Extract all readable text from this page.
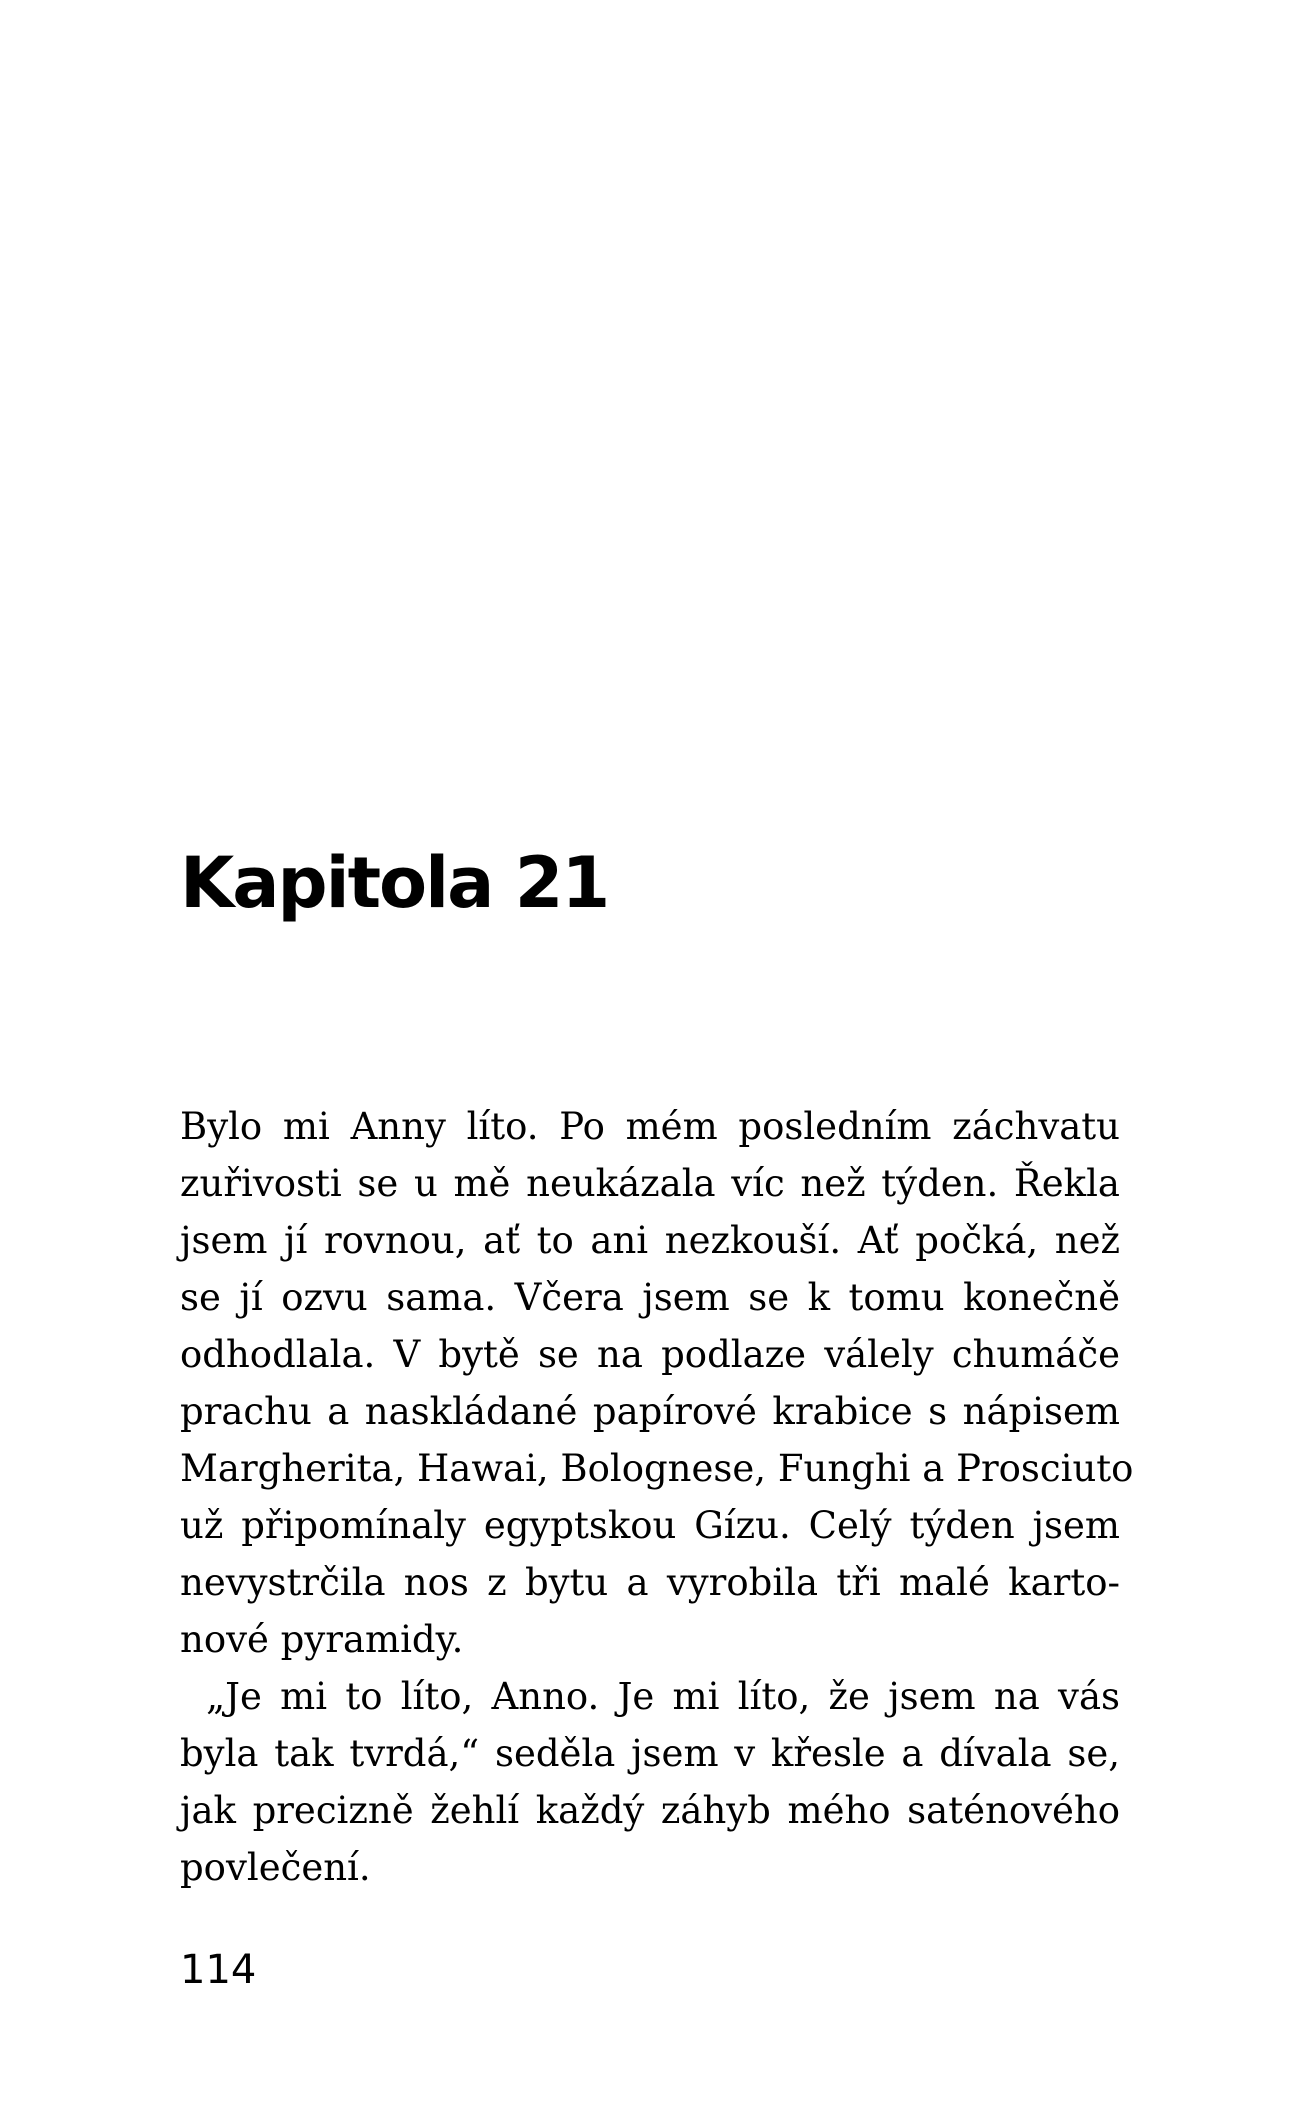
Kapitola 21
Bylo mi Anny líto. Po mém posledním záchvatu
zuřivosti se u mě neukázala víc než týden. Řekla
jsem jí rovnou, ať to ani nezkouší. Ať počká, než
se jí ozvu sama. Včera jsem se k tomu konečně
odhodlala. V bytě se na podlaze válely chumáče
prachu a naskládané papírové krabice s nápisem
Margherita, Hawai, Bolognese, Funghi a Prosciuto
už připomínaly egyptskou Gízu. Celý týden jsem
nevystrčila nos z bytu a vyrobila tři malé karto-
nové pyramidy.
„Je mi to líto, Anno. Je mi líto, že jsem na vás
byla tak tvrdá,“ seděla jsem v křesle a dívala se,
jak precizně žehlí každý záhyb mého saténového
povlečení.
114
